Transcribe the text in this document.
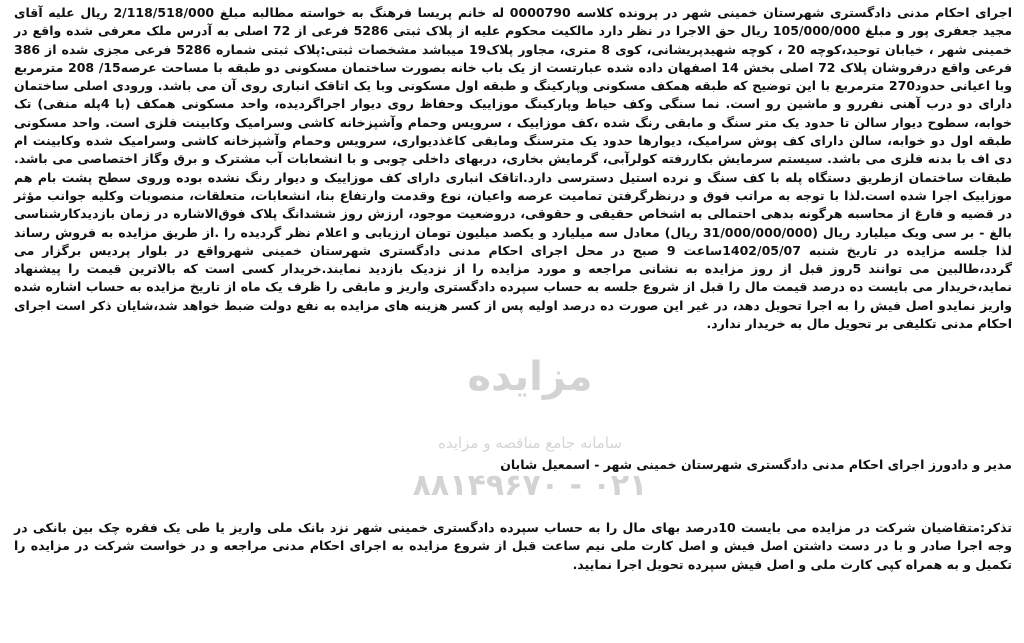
اجرای احکام مدنی دادگستری شهرستان خمینی شهر در پرونده کلاسه 0000790 له خانم پریسا فرهنگ به خواسته مطالبه مبلغ 2/118/518/000 ریال علیه آقای مجید جعفری پور و مبلغ 105/000/000 ریال حق الاجرا در نظر دارد مالکیت محکوم علیه از پلاک ثبتی 5286 فرعی از 72 اصلی به آدرس ملک معرفی شده واقع در خمینی شهر ، خیابان توحید،کوچه 20 ، کوچه شهیدپریشانی، کوی 8 متری، مجاور پلاک19 میباشد مشخصات ثبتی:پلاک ثبتی شماره 5286 فرعی مجزی شده از 386 فرعی واقع درفروشان پلاک 72 اصلی بخش 14 اصفهان داده شده عبارتست از یک باب خانه بصورت ساختمان مسکونی دو طبقه با مساحت عرصه15/ 208 مترمربع وبا اعیانی حدود270 مترمربع با این توضیح که طبقه همکف مسکونی وپارکینگ و طبقه اول مسکونی وبا یک اتاقک انباری روی آن می باشد. ورودی اصلی ساختمان دارای دو درب آهنی نفررو و ماشین رو است. نما سنگی وکف حیاط وپارکینگ موزاییک وحفاظ روی دیوار اجراگردیده، واحد مسکونی همکف (با 4پله منفی) تک خوابه، سطوح دیوار سالن تا حدود یک متر سنگ و مابقی رنگ شده ،کف موزاییک ، سرویس وحمام وآشپزخانه کاشی وسرامیک وکابینت فلزی است. واحد مسکونی طبقه اول دو خوابه، سالن دارای کف پوش سرامیک، دیوارها حدود یک مترسنگ ومابقی کاغذدیواری، سرویس وحمام وآشپزخانه کاشی وسرامیک شده وکابینت ام دی اف با بدنه فلزی می باشد. سیستم سرمایش بکاررفته کولرآبی، گرمایش بخاری، دربهای داخلی چوبی و با انشعابات آب مشترک و برق وگاز اختصاصی می باشد. طبقات ساختمان ازطریق دستگاه پله با کف سنگ و نرده استیل دسترسی دارد.اتاقک انباری دارای کف موزاییک و دیوار رنگ نشده بوده وروی سطح پشت بام هم موزاییک اجرا شده است.لذا با توجه به مراتب فوق و درنظرگرفتن تمامیت عرصه واعیان، نوع وقدمت وارتفاع بنا، انشعابات، متعلقات، منصوبات وکلیه جوانب مؤثر در قضیه و فارغ از محاسبه هرگونه بدهی احتمالی به اشخاص حقیقی و حقوقی، دروضعیت موجود، ارزش روز ششدانگ پلاک فوق‌الاشاره در زمان بازدیدکارشناسی بالغ - بر سی ویک میلیارد ریال (31/000/000/000 ریال) معادل سه میلیارد و یکصد میلیون تومان ارزیابی و اعلام نظر گردیده را .از طریق مزایده به فروش رساند لذا جلسه مزایده در تاریخ شنبه 1402/05/07ساعت 9 صبح در محل اجرای احکام مدنی دادگستری شهرستان خمینی شهرواقع در بلوار پردیس برگزار می گردد،طالبین می توانند 5روز قبل از روز مزایده به نشانی مراجعه و مورد مزایده را از نزدیک بازدید نمایند.خریدار کسی است که بالاترین قیمت را پیشنهاد نماید،خریدار می بایست ده درصد قیمت مال را قبل از شروع جلسه به حساب سپرده دادگستری واریز و مابقی را ظرف یک ماه از تاریخ مزایده به حساب اشاره شده واریز نمایدو اصل فیش را به اجرا تحویل دهد، در غیر این صورت ده درصد اولیه پس از کسر هزینه های مزایده به نفع دولت ضبط خواهد شد،شایان ذکر است اجرای احکام مدنی تکلیفی بر تحویل مال به خریدار ندارد.

مدیر و دادورز اجرای احکام مدنی دادگستری شهرستان خمینی شهر - اسمعیل شابان

تذکر:متقاضیان شرکت در مزایده می بایست 10درصد بهای مال را به حساب سپرده دادگستری خمینی شهر نزد بانک ملی واریز یا طی یک فقره چک بین بانکی در وجه اجرا صادر و با در دست داشتن اصل فیش و اصل کارت ملی نیم ساعت قبل از شروع مزایده به اجرای احکام مدنی مراجعه و در خواست شرکت در مزایده را تکمیل و به همراه کپی کارت ملی و اصل فیش سپرده تحویل اجرا نمایید.

مزایده
سامانه جامع مناقصه و مزایده
۰۲۱ - ۸۸۱۴۹۶۷۰
